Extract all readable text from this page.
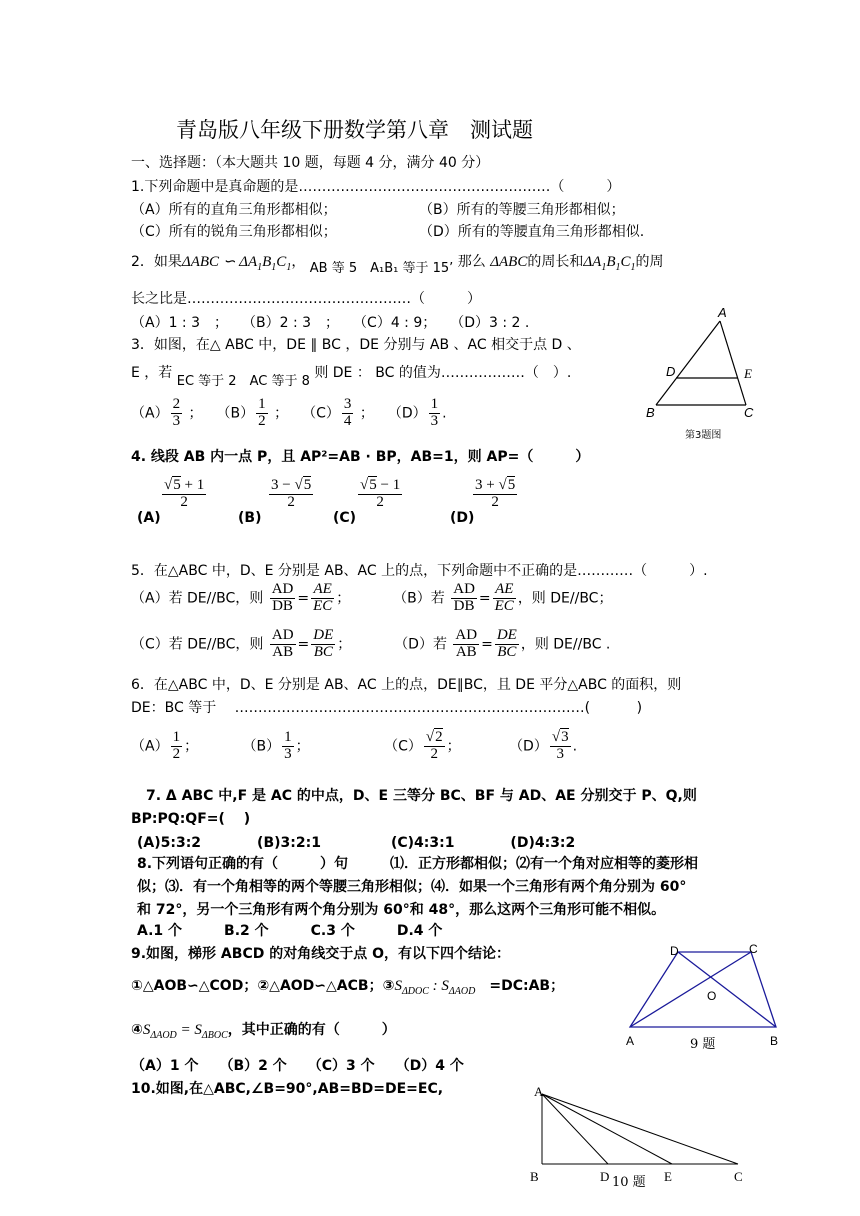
青岛版八年级下册数学第八章　测试题
一、选择题：（本大题共 10 题，每题 4 分，满分 40 分）
1.下列命题中是真命题的是………………………………………………（　　　）
（A）所有的直角三角形都相似；	（B）所有的等腰三角形都相似；
（C）所有的锐角三角形都相似；	（D）所有的等腰直角三角形都相似.
2．如果ΔABC ∽ $\Delta A_1B_1C_1$， AB 等 5　A₁B₁ 等于 15’ 那么 ΔABC的周长和$\Delta A_1B_1C_1$的周
长之比是…………………………………………（　　　）
（A）1 : 3　；　　（B）2 : 3　；　　（C）4 : 9；　　（D）3 : 2 .
3．如图，在△ ABC 中，DE ∥ BC ，DE 分别与 AB 、AC 相交于点 D 、
E ，若 EC 等于 2　AC 等于 8 则 DE ： BC 的值为………………（　）.
$(A) \frac{2}{3}$ ；　　$(B) \frac{1}{2}$ ；　　$(C) \frac{3}{4}$ ；　　$(D) \frac{1}{3}$ .
A
D	E
B	C
第3题图
4. 线段 AB 内一点 P，且 AP²=AB · BP，AB=1，则 AP=（　　　）
(A)
$\frac{√5 + 1}{2}$
(B)
$\frac{3 - √5}{2}$
(C)
$\frac{√5 - 1}{2}$
(D)
$\frac{3 + √5}{2}$
5．在△ABC 中，D、E 分别是 AB、AC 上的点，下列命题中不正确的是…………（　　　）.
（A）若 DE//BC，则 $\frac{AD}{DB} = \frac{AE}{EC}$ ；	（B）若 $\frac{AD}{DB} = \frac{AE}{EC}$ ，则 DE//BC；
（C）若 DE//BC，则 $\frac{AD}{AB} = \frac{DE}{BC}$ ；	（D）若 $\frac{AD}{AB} = \frac{DE}{BC}$ ，则 DE//BC .
6．在△ABC 中，D、E 分别是 AB、AC 上的点，DE∥BC，且 DE 平分△ABC 的面积，则
DE：BC 等于　 …………………………………………………………………(　　　 )
$(A) \frac{1}{2}$ ；	$(B) \frac{1}{3}$ ；	$(C) \frac{√2}{2}$ ；	$(D) \frac{√3}{3}$ .
7. Δ ABC 中,F 是 AC 的中点，D、E 三等分 BC、BF 与 AD、AE 分别交于 P、Q,则
BP:PQ:QF=(　 )
(A)5:3:2　　　　(B)3:2:1　　　　　(C)4:3:1　　　　(D)4:3:2
8.下列语句正确的有（　　　）句　　　⑴．正方形都相似；⑵有一个角对应相等的菱形相
似；⑶．有一个角相等的两个等腰三角形相似；⑷．如果一个三角形有两个角分别为 60°
和 72°，另一个三角形有两个角分别为 60°和 48°，那么这两个三角形可能不相似。
A.1 个　　　B.2 个　　　C.3 个　　　D.4 个
9.如图，梯形 ABCD 的对角线交于点 O，有以下四个结论：
①△AOB∽△COD；②△AOD∽△ACB；$③S_{\Delta DOC}$ : $S_{\Delta AOD}$　 =DC:AB；
$④S_{\Delta AOD} = S_{\Delta BOC}$，其中正确的有（　　　）
（A）1 个　　（B）2 个　　（C）3 个　　（D）4 个
D	C
O
A	B
9 题
10.如图,在△ABC,∠B=90°,AB=BD=DE=EC,	A
B	D 10 题 E	C
